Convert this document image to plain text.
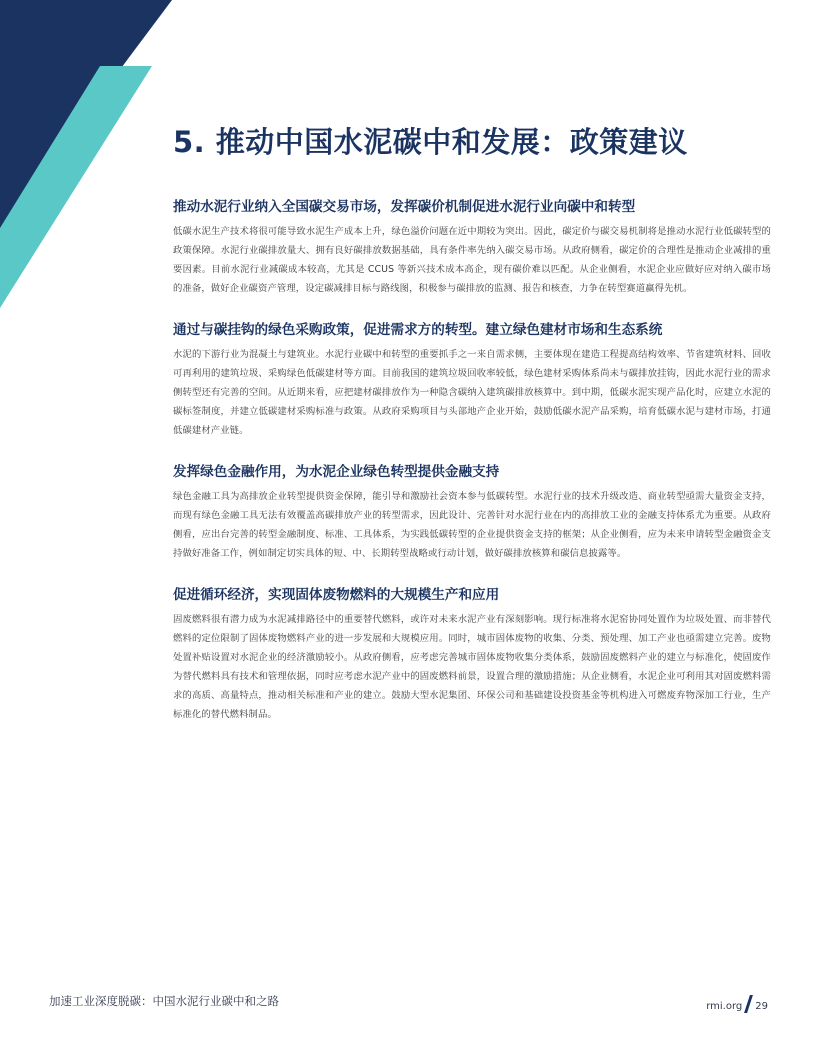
5. 推动中国水泥碳中和发展：政策建议
推动水泥行业纳入全国碳交易市场，发挥碳价机制促进水泥行业向碳中和转型

低碳水泥生产技术将很可能导致水泥生产成本上升，绿色溢价问题在近中期较为突出。因此，碳定价与碳交易机制将是推动水泥行业低碳转型的政策保障。水泥行业碳排放量大、拥有良好碳排放数据基础，具有条件率先纳入碳交易市场。从政府侧看，碳定价的合理性是推动企业减排的重要因素。目前水泥行业减碳成本较高，尤其是 CCUS 等新兴技术成本高企，现有碳价难以匹配。从企业侧看，水泥企业应做好应对纳入碳市场的准备，做好企业碳资产管理，设定碳减排目标与路线图，积极参与碳排放的监测、报告和核查，力争在转型赛道赢得先机。

通过与碳挂钩的绿色采购政策，促进需求方的转型。建立绿色建材市场和生态系统

水泥的下游行业为混凝土与建筑业。水泥行业碳中和转型的重要抓手之一来自需求侧，主要体现在建造工程提高结构效率、节省建筑材料、回收可再利用的建筑垃圾、采购绿色低碳建材等方面。目前我国的建筑垃圾回收率较低，绿色建材采购体系尚未与碳排放挂钩，因此水泥行业的需求侧转型还有完善的空间。从近期来看，应把建材碳排放作为一种隐含碳纳入建筑碳排放核算中。到中期，低碳水泥实现产品化时，应建立水泥的碳标签制度，并建立低碳建材采购标准与政策。从政府采购项目与头部地产企业开始，鼓励低碳水泥产品采购，培育低碳水泥与建材市场，打通低碳建材产业链。

发挥绿色金融作用，为水泥企业绿色转型提供金融支持

绿色金融工具为高排放企业转型提供资金保障，能引导和激励社会资本参与低碳转型。水泥行业的技术升级改造、商业转型亟需大量资金支持，而现有绿色金融工具无法有效覆盖高碳排放产业的转型需求，因此设计、完善针对水泥行业在内的高排放工业的金融支持体系尤为重要。从政府侧看，应出台完善的转型金融制度、标准、工具体系，为实践低碳转型的企业提供资金支持的框架；从企业侧看，应为未来申请转型金融资金支持做好准备工作，例如制定切实具体的短、中、长期转型战略或行动计划，做好碳排放核算和碳信息披露等。

促进循环经济，实现固体废物燃料的大规模生产和应用

固废燃料很有潜力成为水泥减排路径中的重要替代燃料，或许对未来水泥产业有深刻影响。现行标准将水泥窑协同处置作为垃圾处置、而非替代燃料的定位限制了固体废物燃料产业的进一步发展和大规模应用。同时，城市固体废物的收集、分类、预处理、加工产业也亟需建立完善。废物处置补贴设置对水泥企业的经济激励较小。从政府侧看，应考虑完善城市固体废物收集分类体系，鼓励固废燃料产业的建立与标准化，使固废作为替代燃料具有技术和管理依据，同时应考虑水泥产业中的固废燃料前景，设置合理的激励措施；从企业侧看，水泥企业可利用其对固废燃料需求的高质、高量特点，推动相关标准和产业的建立。鼓励大型水泥集团、环保公司和基础建设投资基金等机构进入可燃废弃物深加工行业，生产标准化的替代燃料制品。

加速工业深度脱碳：中国水泥行业碳中和之路	rmi.org 29
